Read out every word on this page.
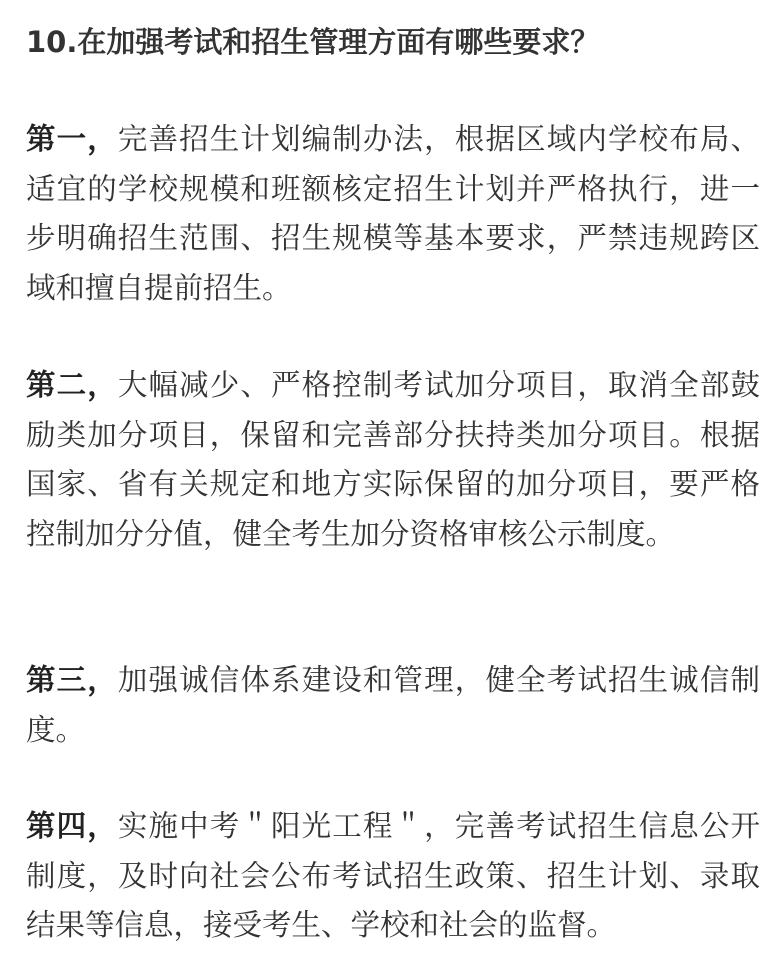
10.在加强考试和招生管理方面有哪些要求？

第一，完善招生计划编制办法，根据区域内学校布局、适宜的学校规模和班额核定招生计划并严格执行，进一步明确招生范围、招生规模等基本要求，严禁违规跨区域和擅自提前招生。

第二，大幅减少、严格控制考试加分项目，取消全部鼓励类加分项目，保留和完善部分扶持类加分项目。根据国家、省有关规定和地方实际保留的加分项目，要严格控制加分分值，健全考生加分资格审核公示制度。

第三，加强诚信体系建设和管理，健全考试招生诚信制度。

第四，实施中考＂阳光工程＂，完善考试招生信息公开制度，及时向社会公布考试招生政策、招生计划、录取结果等信息，接受考生、学校和社会的监督。
